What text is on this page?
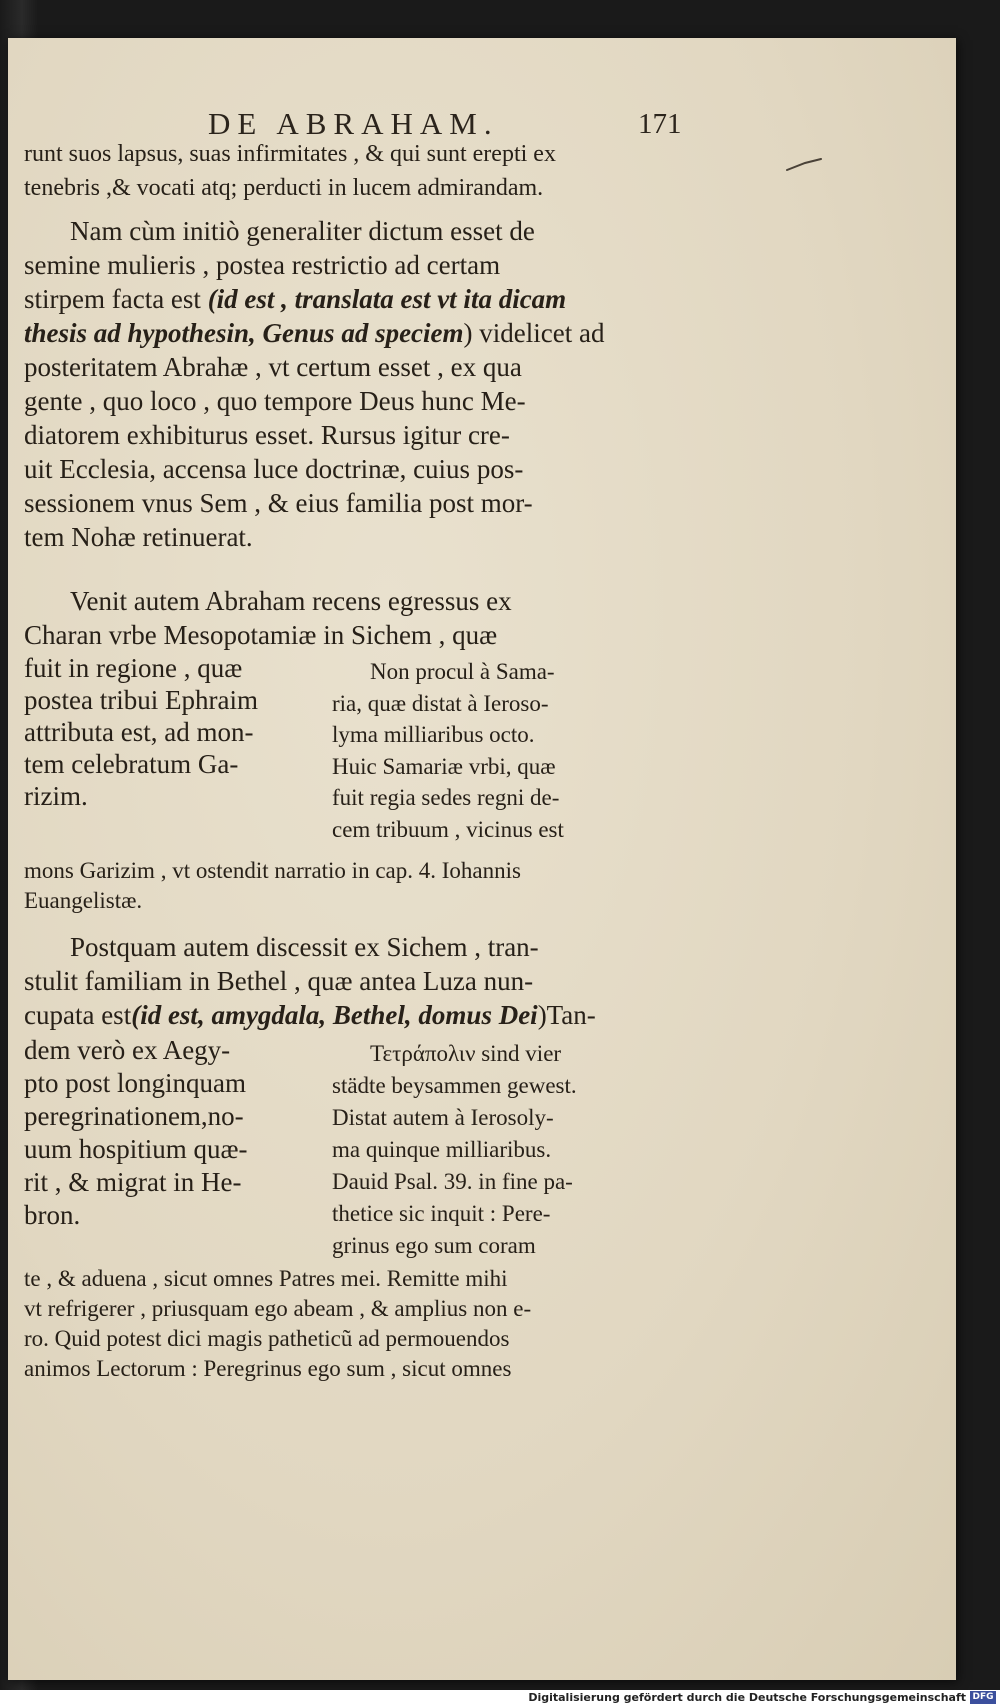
DE ABRAHAM.	171
runt suos lapsus, suas infirmitates , & qui sunt erepti ex
tenebris ,& vocati atq; perducti in lucem admirandam.
Nam cùm initiò generaliter dictum esset de
semine mulieris , postea restrictio ad certam
stirpem facta est (id est , translata est vt ita dicam
thesis ad hypothesin, Genus ad speciem) videlicet ad
posteritatem Abrahæ , vt certum esset , ex qua
gente , quo loco , quo tempore Deus hunc Me-
diatorem exhibiturus esset. Rursus igitur cre-
uit Ecclesia, accensa luce doctrinæ, cuius pos-
sessionem vnus Sem , & eius familia post mor-
tem Nohæ retinuerat.
Venit autem Abraham recens egressus ex
Charan vrbe Mesopotamiæ in Sichem , quæ
fuit in regione , quæ
postea tribui Ephraim
attributa est, ad mon-
tem celebratum Ga-
rizim.
Non procul à Sama-
ria, quæ distat à Ieroso-
lyma milliaribus octo.
Huic Samariæ vrbi, quæ
fuit regia sedes regni de-
cem tribuum , vicinus est
mons Garizim , vt ostendit narratio in cap. 4. Iohannis
Euangelistæ.
Postquam autem discessit ex Sichem , tran-
stulit familiam in Bethel , quæ antea Luza nun-
cupata est(id est, amygdala, Bethel, domus Dei)Tan-
dem verò ex Aegy-
pto post longinquam
peregrinationem,no-
uum hospitium quæ-
rit , & migrat in He-
bron.
Τετράπολιν sind vier
städte beysammen gewest.
Distat autem à Ierosoly-
ma quinque milliaribus.
Dauid Psal. 39. in fine pa-
thetice sic inquit : Pere-
grinus ego sum coram
te , & aduena , sicut omnes Patres mei. Remitte mihi
vt refrigerer , priusquam ego abeam , & amplius non e-
ro. Quid potest dici magis patheticũ ad permouendos
animos Lectorum : Peregrinus ego sum , sicut omnes
Digitalisierung gefördert durch die Deutsche Forschungsgemeinschaft DFG
